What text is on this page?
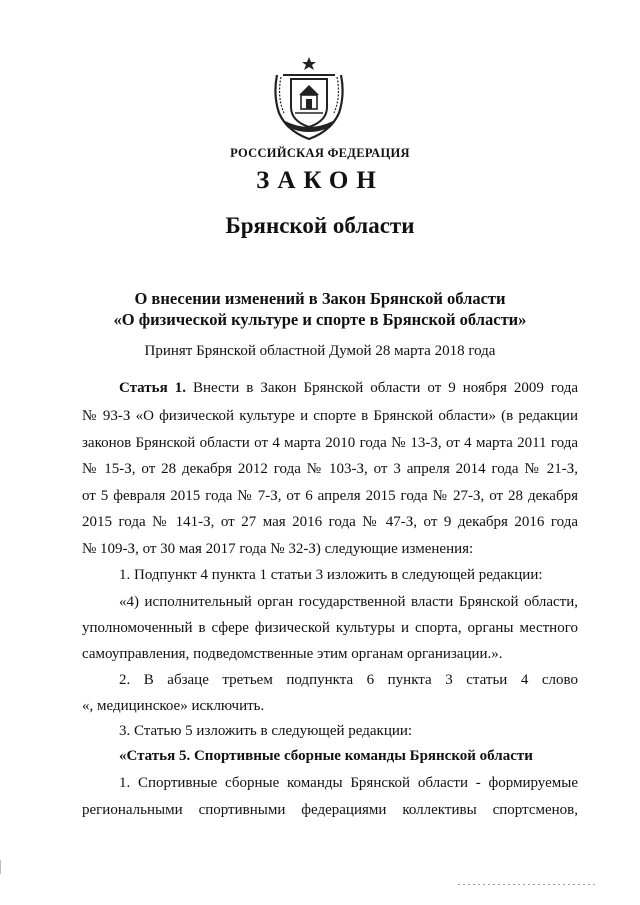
РОССИЙСКАЯ ФЕДЕРАЦИЯ
ЗАКОН
Брянской области
О внесении изменений в Закон Брянской области
«О физической культуре и спорте в Брянской области»
Принят Брянской областной Думой 28 марта 2018 года
Статья 1. Внести в Закон Брянской области от 9 ноября 2009 года
№ 93-З «О физической культуре и спорте в Брянской области» (в редакции
законов Брянской области от 4 марта 2010 года № 13-З, от 4 марта 2011 года
№ 15-З, от 28 декабря 2012 года № 103-З, от 3 апреля 2014 года № 21-З,
от 5 февраля 2015 года № 7-З, от 6 апреля 2015 года № 27-З, от 28 декабря
2015 года № 141-З, от 27 мая 2016 года № 47-З, от 9 декабря 2016 года
№ 109-З, от 30 мая 2017 года № 32-З) следующие изменения:
1. Подпункт 4 пункта 1 статьи 3 изложить в следующей редакции:
«4) исполнительный орган государственной власти Брянской области,
уполномоченный в сфере физической культуры и спорта, органы местного
самоуправления, подведомственные этим органам организации.».
2. В абзаце третьем подпункта 6 пункта 3 статьи 4 слово
«, медицинское» исключить.
3. Статью 5 изложить в следующей редакции:
«Статья 5. Спортивные сборные команды Брянской области
1. Спортивные сборные команды Брянской области - формируемые
региональными спортивными федерациями коллективы спортсменов,
